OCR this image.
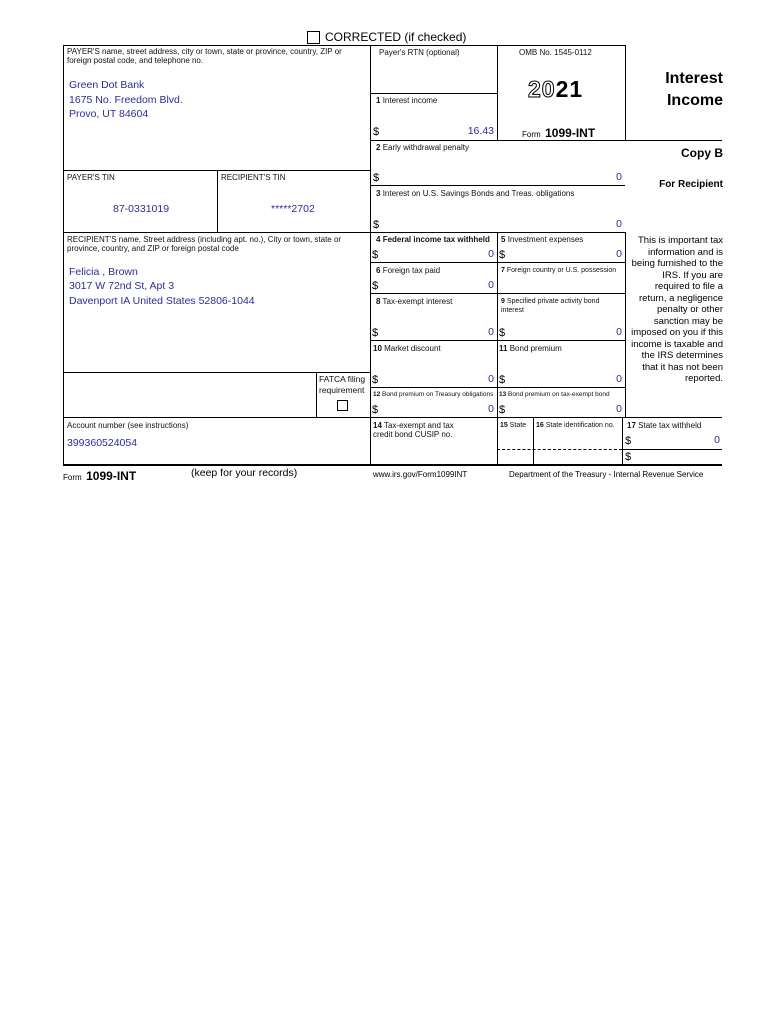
CORRECTED (if checked)
PAYER'S name, street address, city or town, state or province, country, ZIP or foreign postal code, and telephone no.
Green Dot Bank
1675 No. Freedom Blvd.
Provo, UT 84604
Payer's RTN (optional)	OMB No. 1545-0112
2021
Form 1099-INT
Interest
Income
Copy B
For Recipient
This is important tax information and is being furnished to the IRS. If you are required to file a return, a negligence penalty or other sanction may be imposed on you if this income is taxable and the IRS determines that it has not been reported.
1 Interest income
$	16.43
2 Early withdrawal penalty
$	0
3 Interest on U.S. Savings Bonds and Treas. obligations
$	0
PAYER'S TIN
87-0331019
RECIPIENT'S TIN
*****2702
RECIPIENT'S name, Street address (including apt. no.), City or town, state or province, country, and ZIP or foreign postal code
Felicia , Brown
3017 W 72nd St, Apt 3
Davenport IA United States 52806-1044
FATCA filing
requirement
4 Federal income tax withheld
$	0
5 Investment expenses
$	0
6 Foreign tax paid
$	0
7 Foreign country or U.S. possession
8 Tax-exempt interest
$	0
9 Specified private activity bond interest
$	0
10 Market discount
$	0
11 Bond premium
$	0
12 Bond premium on Treasury obligations
$	0
13 Bond premium on tax-exempt bond
$	0
Account number (see instructions)
399360524054
14 Tax-exempt and tax credit bond CUSIP no.
15 State 16 State identification no. 17 State tax withheld
$	0
$
Form 1099-INT	(keep for your records)	www.irs.gov/Form1099INT	Department of the Treasury - Internal Revenue Service
